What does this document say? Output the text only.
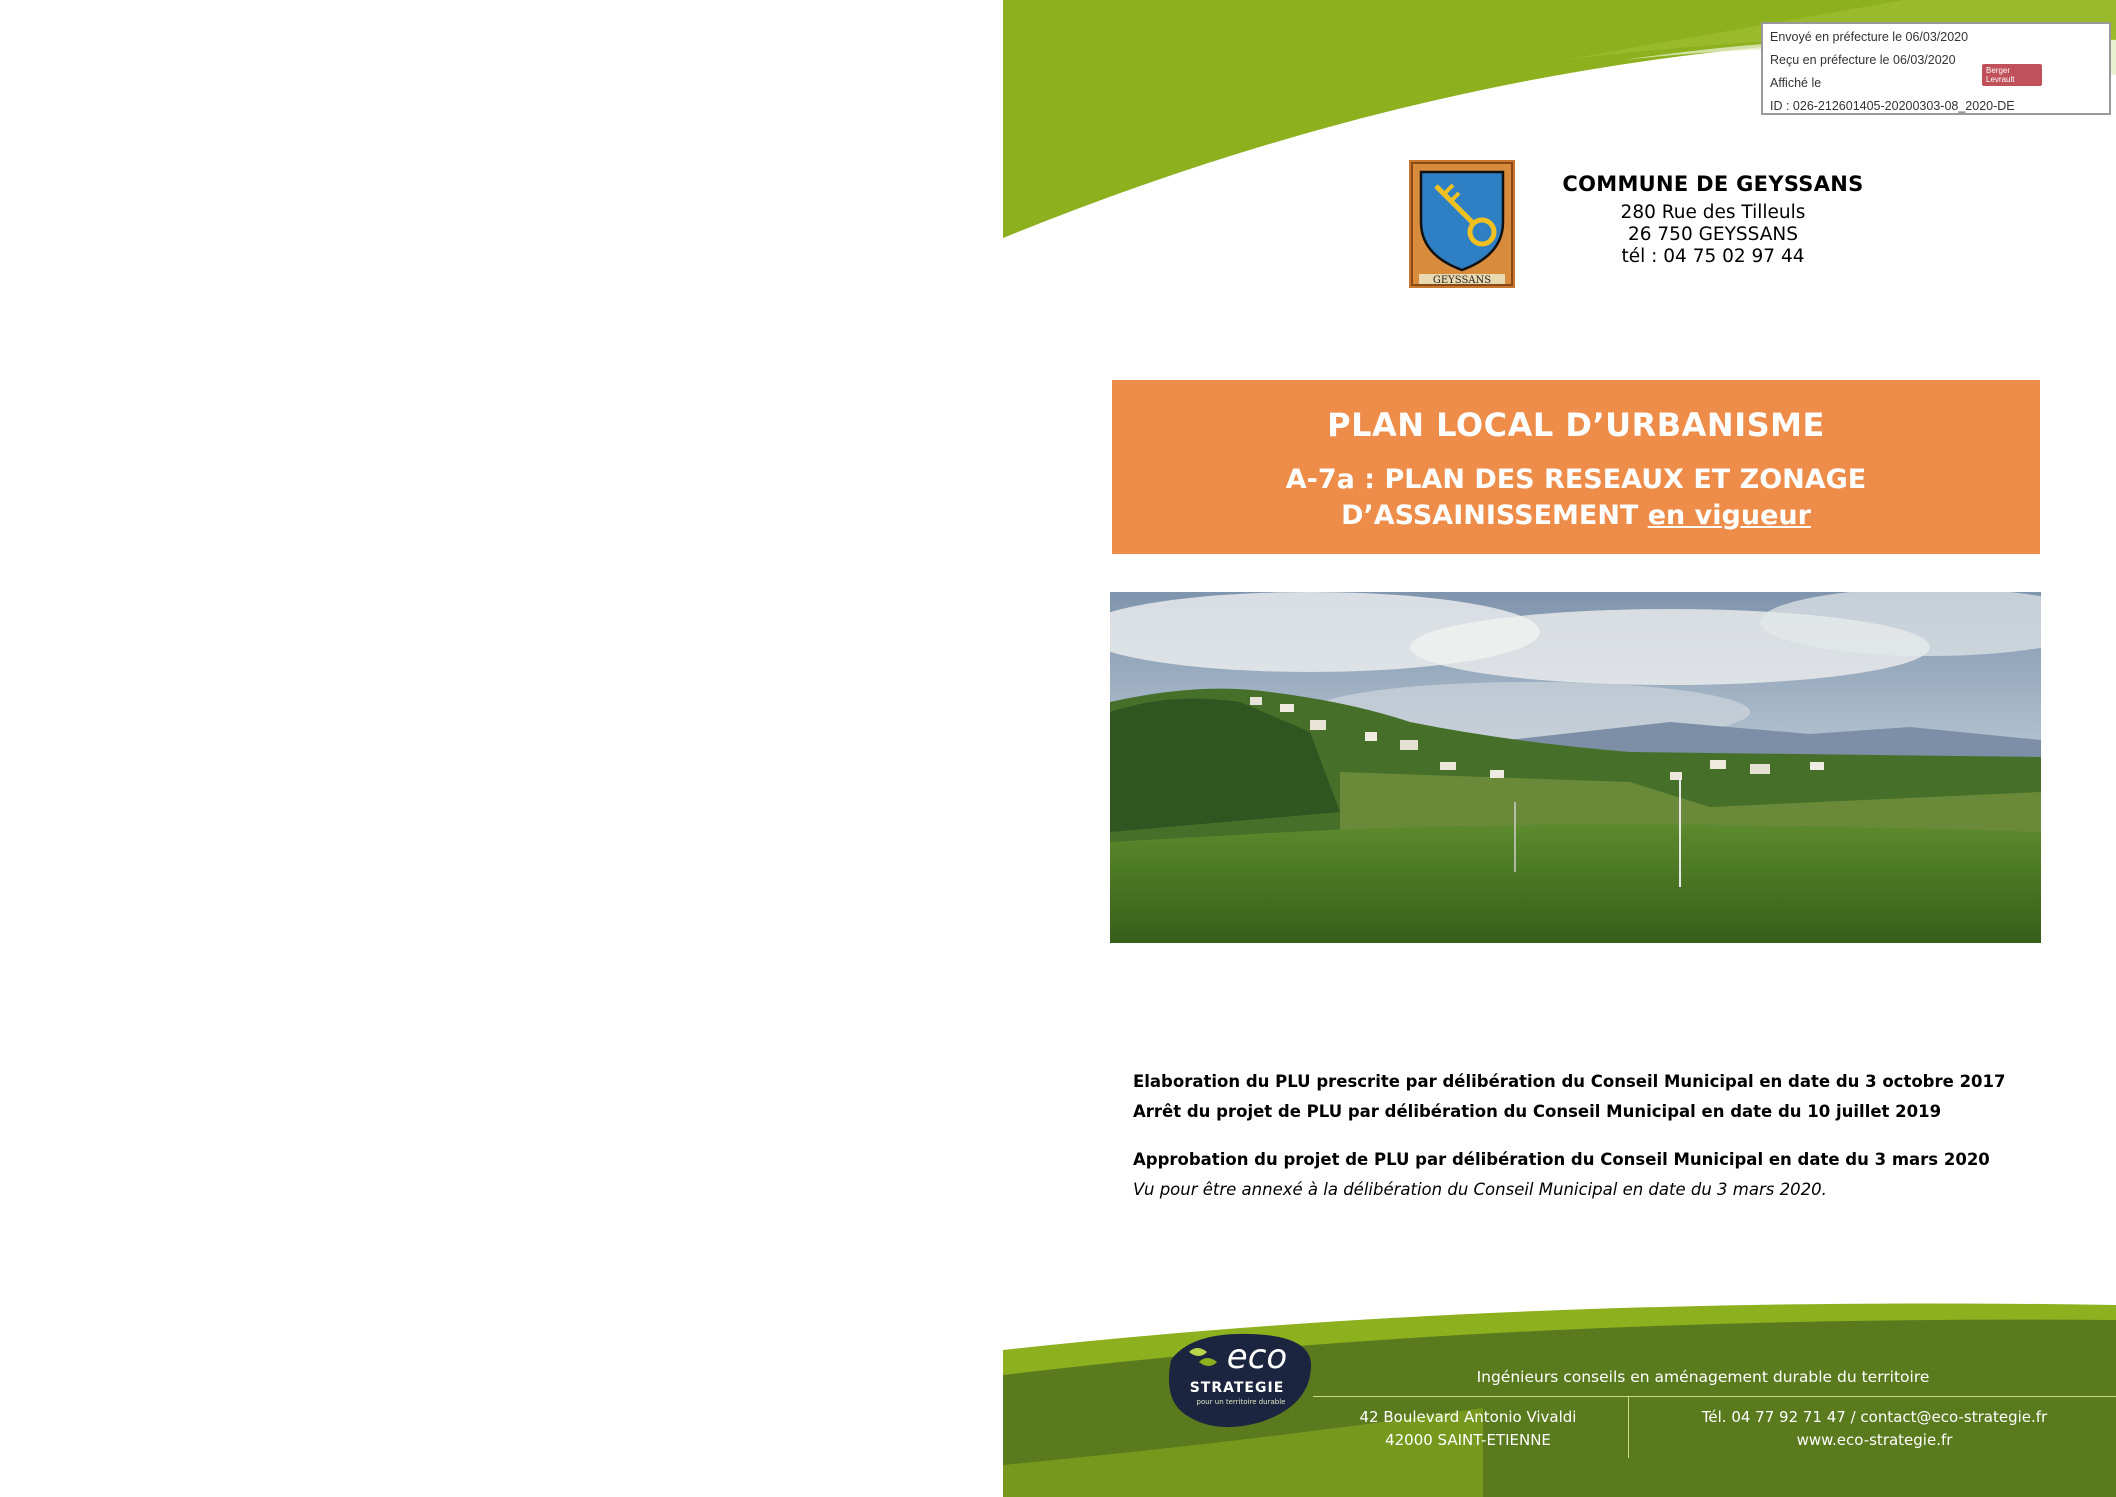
Envoyé en préfecture le 06/03/2020
Reçu en préfecture le 06/03/2020
Affiché le
ID : 026-212601405-20200303-08_2020-DE
Berger Levrault
GEYSSANS
COMMUNE DE GEYSSANS
280 Rue des Tilleuls
26 750 GEYSSANS
tél : 04 75 02 97 44
PLAN LOCAL D’URBANISME
A-7a : PLAN DES RESEAUX ET ZONAGE
D’ASSAINISSEMENT en vigueur
Elaboration du PLU prescrite par délibération du Conseil Municipal en date du 3 octobre 2017
Arrêt du projet de PLU par délibération du Conseil Municipal en date du 10 juillet 2019
Approbation du projet de PLU par délibération du Conseil Municipal en date du 3 mars 2020
Vu pour être annexé à la délibération du Conseil Municipal en date du 3 mars 2020.
eco
STRATEGIE
pour un territoire durable
Ingénieurs conseils en aménagement durable du territoire
42 Boulevard Antonio Vivaldi
42000 SAINT-ETIENNE
Tél. 04 77 92 71 47 / contact@eco-strategie.fr
www.eco-strategie.fr
